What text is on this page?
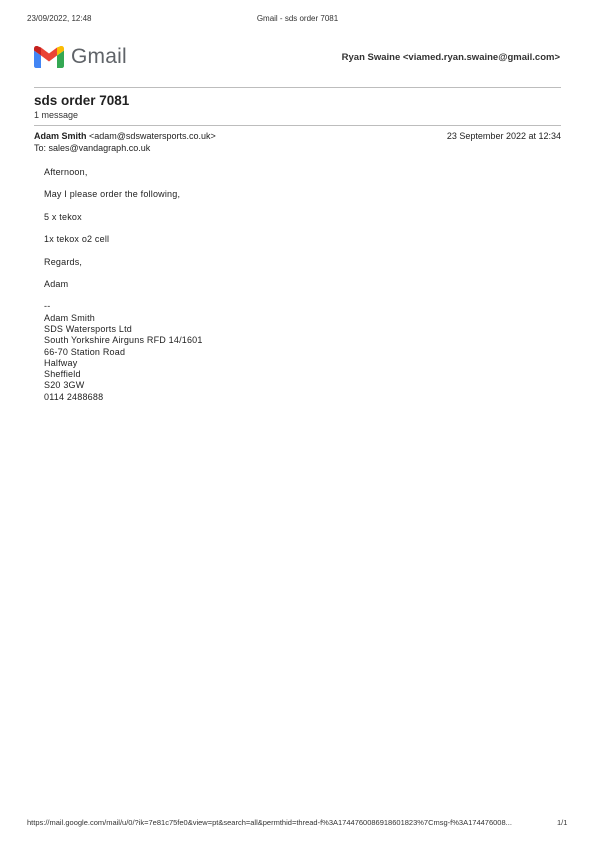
23/09/2022, 12:48	Gmail - sds order 7081
Gmail	Ryan Swaine <viamed.ryan.swaine@gmail.com>
sds order 7081
1 message
Adam Smith <adam@sdswatersports.co.uk>	23 September 2022 at 12:34
To: sales@vandagraph.co.uk
Afternoon,
May I please order the following,
5 x tekox
1x tekox o2 cell
Regards,
Adam
--
Adam Smith
SDS Watersports Ltd
South Yorkshire Airguns RFD 14/1601
66-70 Station Road
Halfway
Sheffield
S20 3GW
0114 2488688
https://mail.google.com/mail/u/0/?ik=7e81c75fe0&view=pt&search=all&permthid=thread-f%3A1744760086918601823%7Cmsg-f%3A174476008...	1/1
